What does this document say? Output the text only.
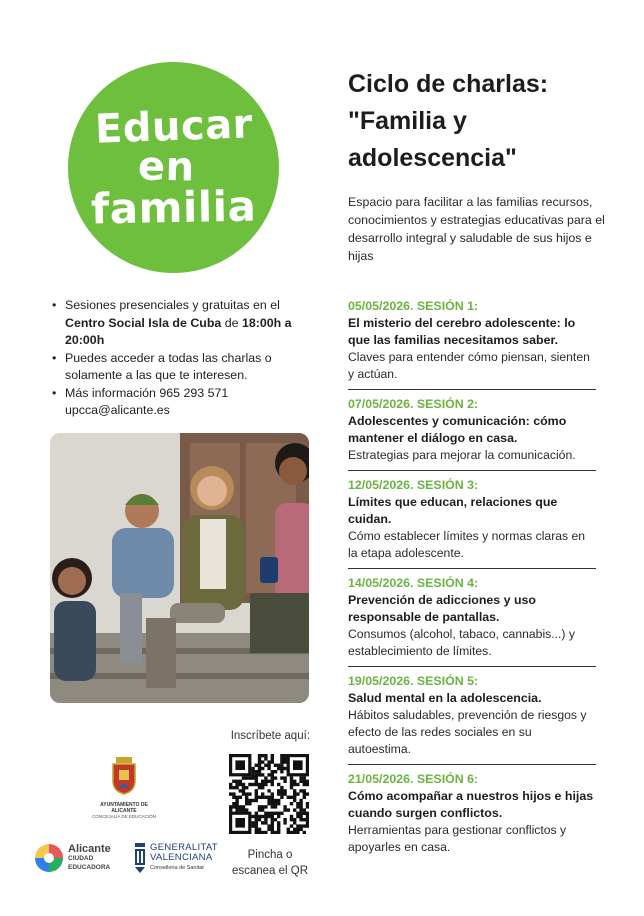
Educar
en
familia
Ciclo de charlas:
"Familia y
adolescencia"

Espacio para facilitar a las familias recursos, conocimientos y estrategias educativas para el desarrollo integral y saludable de sus hijos e hijas

• Sesiones presenciales y gratuitas en el Centro Social Isla de Cuba de 18:00h a 20:00h
• Puedes acceder a todas las charlas o solamente a las que te interesen.
• Más información 965 293 571
upcca@alicante.es
05/05/2026. SESIÓN 1:
El misterio del cerebro adolescente: lo que las familias necesitamos saber.
Claves para entender cómo piensan, sienten y actúan.
07/05/2026. SESIÓN 2:
Adolescentes y comunicación: cómo mantener el diálogo en casa.
Estrategias para mejorar la comunicación.
12/05/2026. SESIÓN 3:
Límites que educan, relaciones que cuidan.
Cómo establecer límites y normas claras en la etapa adolescente.
14/05/2026. SESIÓN 4:
Prevención de adicciones y uso responsable de pantallas.
Consumos (alcohol, tabaco, cannabis...) y establecimiento de límites.
19/05/2026. SESIÓN 5:
Salud mental en la adolescencia.
Hábitos saludables, prevención de riesgos y efecto de las redes sociales en su autoestima.
21/05/2026. SESIÓN 6:
Cómo acompañar a nuestros hijos e hijas cuando surgen conflictos.
Herramientas para gestionar conflictos y apoyarles en casa.
Inscríbete aquí:
Pincha o
escanea el QR
AYUNTAMIENTO DE ALICANTE
CONCEJALÍA DE EDUCACIÓN
Alicante
CIUDAD
EDUCADORA
GENERALITAT
VALENCIANA
Conselleria de Sanitat
